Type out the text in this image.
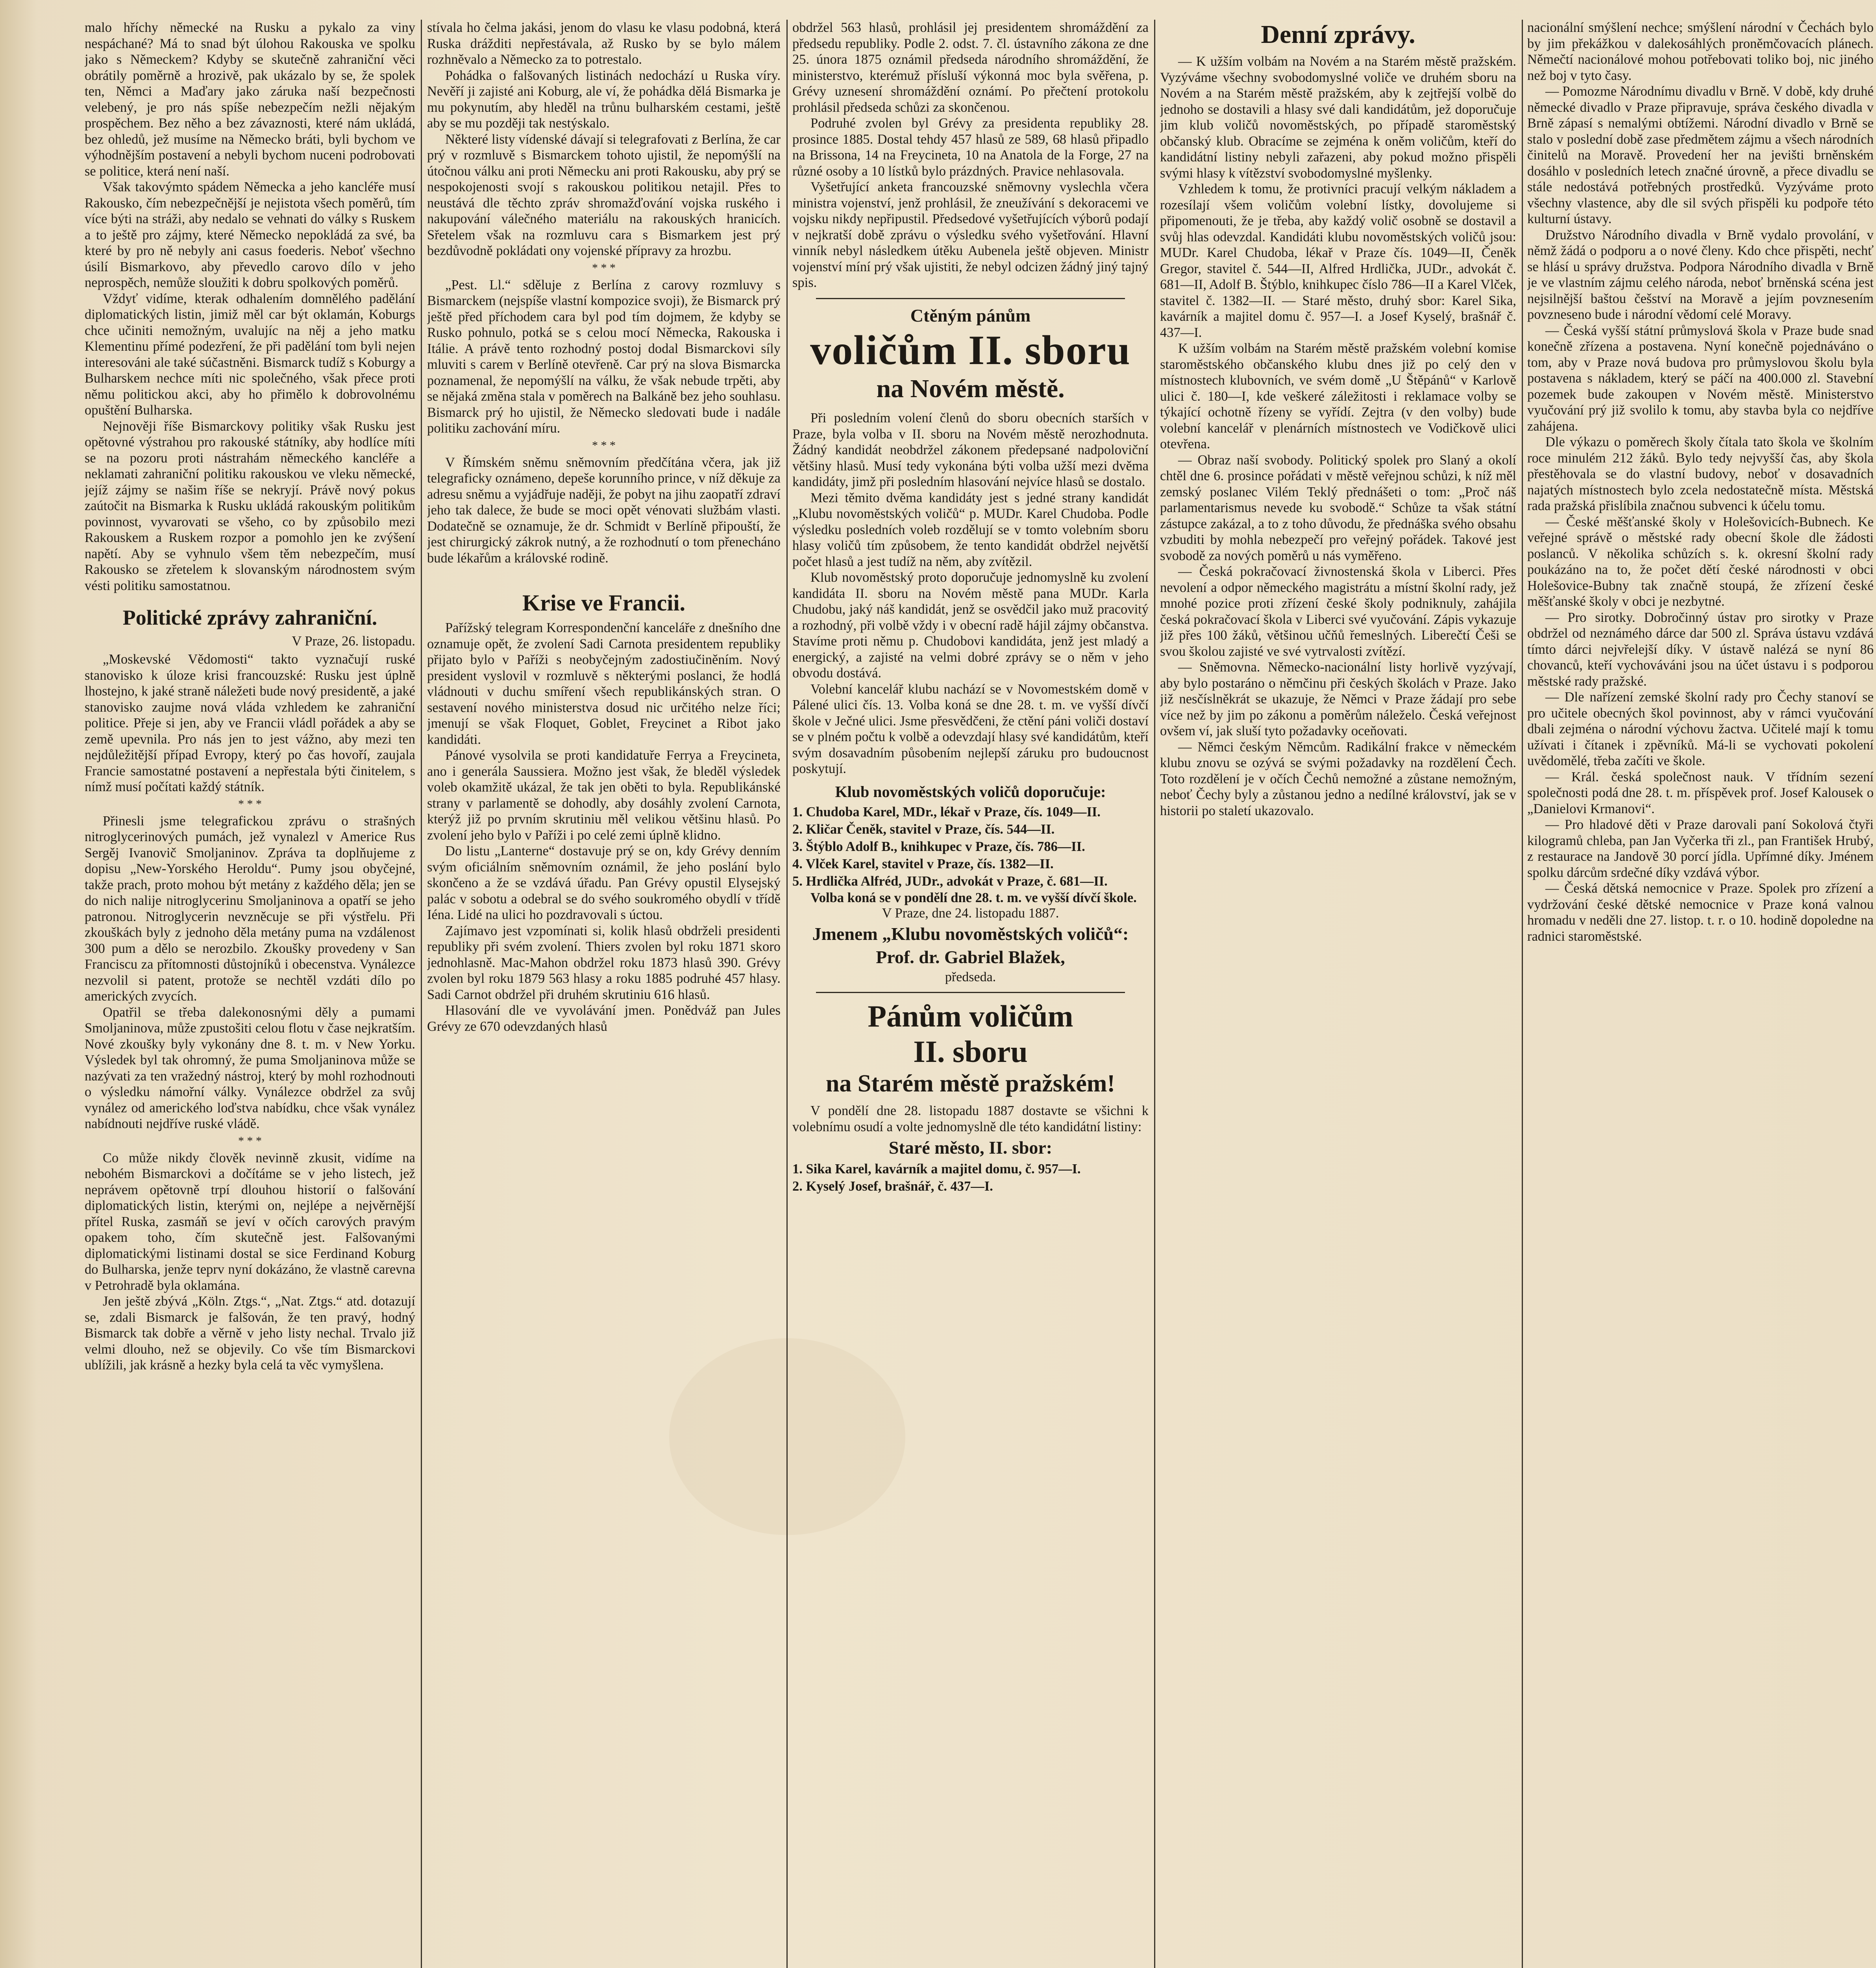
malo hříchy německé na Rusku a pykalo za viny nespáchané? Má to snad být úlohou Rakouska ve spolku jako s Německem? Kdyby se skutečně zahraniční věci obrátily poměrně a hrozivě, pak ukázalo by se, že spolek ten, Němci a Maďary jako záruka naší bezpečnosti velebený, je pro nás spíše nebezpečím nežli nějakým prospěchem. Bez něho a bez závaznosti, které nám ukládá, bez ohledů, jež musíme na Německo bráti, byli bychom ve výhodnějším postavení a nebyli bychom nuceni podrobovati se politice, která není naší.

Však takovýmto spádem Německa a jeho kancléře musí Rakousko, čím nebezpečnější je nejistota všech poměrů, tím více býti na stráži, aby nedalo se vehnati do války s Ruskem a to ještě pro zájmy, které Německo nepokládá za své, ba které by pro ně nebyly ani casus foederis. Neboť všechno úsilí Bismarkovo, aby převedlo carovo dílo v jeho neprospěch, nemůže sloužiti k dobru spolkových poměrů.

Vždyť vidíme, kterak odhalením domnělého padělání diplomatických listin, jimiž měl car být oklamán, Koburgs chce učiniti nemožným, uvalujíc na něj a jeho matku Klementinu přímé podezření, že při padělání tom byli nejen interesováni ale také súčastněni. Bismarck tudíž s Koburgy a Bulharskem nechce míti nic společného, však přece proti němu politickou akci, aby ho přimělo k dobrovolnému opuštění Bulharska.

Nejnověji říše Bismarckovy politiky však Rusku jest opětovné výstrahou pro rakouské státníky, aby hodlíce míti se na pozoru proti nástrahám německého kancléře a neklamati zahraniční politiku rakouskou ve vleku německé, jejíž zájmy se našim říše se nekryjí. Právě nový pokus zaútočit na Bismarka k Rusku ukládá rakouským politikům povinnost, vyvarovati se všeho, co by způsobilo mezi Rakouskem a Ruskem rozpor a pomohlo jen ke zvýšení napětí. Aby se vyhnulo všem těm nebezpečím, musí Rakousko se zřetelem k slovanským národnostem svým vésti politiku samostatnou.

Politické zprávy zahraniční.
V Praze, 26. listopadu.

„Moskevské Vědomosti“ takto vyznačují ruské stanovisko k úloze krisi francouzské: Rusku jest úplně lhostejno, k jaké straně náležeti bude nový presidentě, a jaké stanovisko zaujme nová vláda vzhledem ke zahraniční politice. Přeje si jen, aby ve Francii vládl pořádek a aby se země upevnila. Pro nás jen to jest vážno, aby mezi ten nejdůležitější případ Evropy, který po čas hovoří, zaujala Francie samostatné postavení a nepřestala býti činitelem, s nímž musí počítati každý státník.

* * *

Přinesli jsme telegrafickou zprávu o strašných nitroglycerinových pumách, jež vynalezl v Americe Rus Sergěj Ivanovič Smoljaninov. Zpráva ta doplňujeme z dopisu „New-Yorského Heroldu“. Pumy jsou obyčejné, takže prach, proto mohou být metány z každého děla; jen se do nich nalije nitroglycerinu Smoljaninova a opatří se jeho patronou. Nitroglycerin nevzněcuje se při výstřelu. Při zkouškách byly z jednoho děla metány puma na vzdálenost 300 pum a dělo se nerozbilo. Zkoušky provedeny v San Franciscu za přítomnosti důstojníků i obecenstva. Vynálezce nezvolil si patent, protože se nechtěl vzdáti dílo po amerických zvycích.

Opatřil se třeba dalekonosnými děly a pumami Smoljaninova, může zpustošiti celou flotu v čase nejkratším. Nové zkoušky byly vykonány dne 8. t. m. v New Yorku. Výsledek byl tak ohromný, že puma Smoljaninova může se nazývati za ten vražedný nástroj, který by mohl rozhodnouti o výsledku námořní války. Vynálezce obdržel za svůj vynález od amerického loďstva nabídku, chce však vynález nabídnouti nejdříve ruské vládě.

* * *

Co může nikdy člověk nevinně zkusit, vidíme na nebohém Bismarckovi a dočítáme se v jeho listech, jež neprávem opětovně trpí dlouhou historií o falšování diplomatických listin, kterými on, nejlépe a nejvěrnější přítel Ruska, zasmáň se jeví v očích carových pravým opakem toho, čím skutečně jest. Falšovanými diplomatickými listinami dostal se sice Ferdinand Koburg do Bulharska, jenže teprv nyní dokázáno, že vlastně carevna v Petrohradě byla oklamána.

Jen ještě zbývá „Köln. Ztgs.“, „Nat. Ztgs.“ atd. dotazují se, zdali Bismarck je falšován, že ten pravý, hodný Bismarck tak dobře a věrně v jeho listy nechal. Trvalo již velmi dlouho, než se objevily. Co vše tím Bismarckovi ublížili, jak krásně a hezky byla celá ta věc vymyšlena.

stívala ho čelma jakási, jenom do vlasu ke vlasu podobná, která Ruska drážditi nepřestávala, až Rusko by se bylo málem rozhněvalo a Německo za to potrestalo.

Pohádka o falšovaných listinách nedochází u Ruska víry. Nevěří ji zajisté ani Koburg, ale ví, že pohádka dělá Bismarka je mu pokynutím, aby hleděl na trůnu bulharském cestami, ještě aby se mu později tak nestýskalo.

Některé listy vídenské dávají si telegrafovati z Berlína, že car prý v rozmluvě s Bismarckem tohoto ujistil, že nepomýšlí na útočnou válku ani proti Německu ani proti Rakousku, aby prý se nespokojenosti svojí s rakouskou politikou netajil. Přes to neustává dle těchto zpráv shromažďování vojska ruského i nakupování válečného materiálu na rakouských hranicích. Sřetelem však na rozmluvu cara s Bismarkem jest prý bezdůvodně pokládati ony vojenské přípravy za hrozbu.

* * *

„Pest. Ll.“ sděluje z Berlína z carovy rozmluvy s Bismarckem (nejspíše vlastní kompozice svoji), že Bismarck prý ještě před příchodem cara byl pod tím dojmem, že kdyby se Rusko pohnulo, potká se s celou mocí Německa, Rakouska i Itálie. A právě tento rozhodný postoj dodal Bismarckovi síly mluviti s carem v Berlíně otevřeně. Car prý na slova Bismarcka poznamenal, že nepomýšlí na válku, že však nebude trpěti, aby se nějaká změna stala v poměrech na Balkáně bez jeho souhlasu. Bismarck prý ho ujistil, že Německo sledovati bude i nadále politiku zachování míru.

* * *

V Římském sněmu sněmovním předčítána včera, jak již telegraficky oznámeno, depeše korunního prince, v níž děkuje za adresu sněmu a vyjádřuje naději, že pobyt na jihu zaopatří zdraví jeho tak dalece, že bude se moci opět vénovati službám vlasti. Dodatečně se oznamuje, že dr. Schmidt v Berlíně připouští, že jest chirurgický zákrok nutný, a že rozhodnutí o tom přenecháno bude lékařům a královské rodině.

Krise ve Francii.

Pařížský telegram Korrespondenční kanceláře z dnešního dne oznamuje opět, že zvolení Sadi Carnota presidentem republiky přijato bylo v Paříži s neobyčejným zadostiučiněním. Nový president vyslovil v rozmluvě s některými poslanci, že hodlá vládnouti v duchu smíření všech republikánských stran. O sestavení nového ministerstva dosud nic určitého nelze říci; jmenují se však Floquet, Goblet, Freycinet a Ribot jako kandidáti.

Pánové vysolvila se proti kandidatuře Ferrya a Freycineta, ano i generála Saussiera. Možno jest však, že bleděl výsledek voleb okamžitě ukázal, že tak jen oběti to byla. Republikánské strany v parlamentě se dohodly, aby dosáhly zvolení Carnota, kterýž již po prvním skrutiniu měl velikou většinu hlasů. Po zvolení jeho bylo v Paříži i po celé zemi úplně klidno.

Do listu „Lanterne“ dostavuje prý se on, kdy Grévy denním svým oficiálním sněmovním oznámil, že jeho poslání bylo skončeno a že se vzdává úřadu. Pan Grévy opustil Elysejský palác v sobotu a odebral se do svého soukromého obydlí v třídě Iéna. Lidé na ulici ho pozdravovali s úctou.

Zajímavo jest vzpomínati si, kolik hlasů obdrželi presidenti republiky při svém zvolení. Thiers zvolen byl roku 1871 skoro jednohlasně. Mac-Mahon obdržel roku 1873 hlasů 390. Grévy zvolen byl roku 1879 563 hlasy a roku 1885 podruhé 457 hlasy. Sadi Carnot obdržel při druhém skrutiniu 616 hlasů.

Hlasování dle ve vyvolávání jmen. Ponědváž pan Jules Grévy ze 670 odevzdaných hlasů

obdržel 563 hlasů, prohlásil jej presidentem shromáždění za předsedu republiky. Podle 2. odst. 7. čl. ústavního zákona ze dne 25. února 1875 oznámil předseda národního shromáždění, že ministerstvo, kterémuž přísluší výkonná moc byla svěřena, p. Grévy uznesení shromáždění oznámí. Po přečtení protokolu prohlásil předseda schůzi za skončenou.

Podruhé zvolen byl Grévy za presidenta republiky 28. prosince 1885. Dostal tehdy 457 hlasů ze 589, 68 hlasů připadlo na Brissona, 14 na Freycineta, 10 na Anatola de la Forge, 27 na různé osoby a 10 lístků bylo prázdných. Pravice nehlasovala.

Vyšetřující anketa francouzské sněmovny vyslechla včera ministra vojenství, jenž prohlásil, že zneužívání s dekoracemi ve vojsku nikdy nepřipustil. Předsedové vyšetřujících výborů podají v nejkratší době zprávu o výsledku svého vyšetřování. Hlavní vinník nebyl následkem útěku Aubenela ještě objeven. Ministr vojenství míní prý však ujistiti, že nebyl odcizen žádný jiný tajný spis.

Ctěným pánům
voličům II. sboru
na Novém městě.

Při posledním volení členů do sboru obecních starších v Praze, byla volba v II. sboru na Novém městě nerozhodnuta. Žádný kandidát neobdržel zákonem předepsané nadpoloviční většiny hlasů. Musí tedy vykonána býti volba užší mezi dvěma kandidáty, jimž při posledním hlasování nejvíce hlasů se dostalo.

Mezi těmito dvěma kandidáty jest s jedné strany kandidát „Klubu novoměstských voličů“ p. MUDr. Karel Chudoba. Podle výsledku posledních voleb rozdělují se v tomto volebním sboru hlasy voličů tím způsobem, že tento kandidát obdržel největší počet hlasů a jest tudíž na něm, aby zvítězil.

Klub novoměstský proto doporučuje jednomyslně ku zvolení kandidáta II. sboru na Novém městě pana MUDr. Karla Chudobu, jaký náš kandidát, jenž se osvědčil jako muž pracovitý a rozhodný, při volbě vždy i v obecní radě hájil zájmy občanstva. Stavíme proti němu p. Chudobovi kandidáta, jenž jest mladý a energický, a zajisté na velmi dobré zprávy se o něm v jeho obvodu dostává.

Volební kancelář klubu nachází se v Novomestském domě v Pálené ulici čís. 13. Volba koná se dne 28. t. m. ve vyšší dívčí škole v Ječné ulici. Jsme přesvědčeni, že ctění páni voliči dostaví se v plném počtu k volbě a odevzdají hlasy své kandidátům, kteří svým dosavadním působením nejlepší záruku pro budoucnost poskytují.

Klub novoměstských voličů doporučuje:

1. Chudoba Karel, MDr., lékař v Praze, čís. 1049—II.

2. Kličar Čeněk, stavitel v Praze, čís. 544—II.

3. Štýblo Adolf B., knihkupec v Praze, čís. 786—II.

4. Vlček Karel, stavitel v Praze, čís. 1382—II.

5. Hrdlička Alfréd, JUDr., advokát v Praze, č. 681—II.

Volba koná se v pondělí dne 28. t. m. ve vyšší dívčí škole.

V Praze, dne 24. listopadu 1887.
Jmenem „Klubu novoměstských voličů“:
Prof. dr. Gabriel Blažek,
předseda.
Pánům voličům
II. sboru
na Starém městě pražském!

V pondělí dne 28. listopadu 1887 dostavte se všichni k volebnímu osudí a volte jednomyslně dle této kandidátní listiny:

Staré město, II. sbor:

1. Sika Karel, kavárník a majitel domu, č. 957—I.

2. Kyselý Josef, brašnář, č. 437—I.

Denní zprávy.

— K užším volbám na Novém a na Starém městě pražském. Vyzýváme všechny svobodomyslné voliče ve druhém sboru na Novém a na Starém městě pražském, aby k zejtřejší volbě do jednoho se dostavili a hlasy své dali kandidátům, jež doporučuje jim klub voličů novoměstských, po případě staroměstský občanský klub. Obracíme se zejména k oněm voličům, kteří do kandidátní listiny nebyli zařazeni, aby pokud možno přispěli svými hlasy k vítězství svobodomyslné myšlenky.

Vzhledem k tomu, že protivníci pracují velkým nákladem a rozesílají všem voličům volební lístky, dovolujeme si připomenouti, že je třeba, aby každý volič osobně se dostavil a svůj hlas odevzdal. Kandidáti klubu novoměstských voličů jsou: MUDr. Karel Chudoba, lékař v Praze čís. 1049—II, Čeněk Gregor, stavitel č. 544—II, Alfred Hrdlička, JUDr., advokát č. 681—II, Adolf B. Štýblo, knihkupec číslo 786—II a Karel Vlček, stavitel č. 1382—II. — Staré město, druhý sbor: Karel Sika, kavárník a majitel domu č. 957—I. a Josef Kyselý, brašnář č. 437—I.

K užším volbám na Starém městě pražském volební komise staroměstského občanského klubu dnes již po celý den v místnostech klubovních, ve svém domě „U Štěpánů“ v Karlově ulici č. 180—I, kde veškeré záležitosti i reklamace volby se týkající ochotně řízeny se vyřídí. Zejtra (v den volby) bude volební kancelář v plenárních místnostech ve Vodičkově ulici otevřena.

— Obraz naší svobody. Politický spolek pro Slaný a okolí chtěl dne 6. prosince pořádati v městě veřejnou schůzi, k níž měl zemský poslanec Vilém Teklý přednášeti o tom: „Proč náš parlamentarismus nevede ku svobodě.“ Schůze ta však státní zástupce zakázal, a to z toho důvodu, že přednáška svého obsahu vzbuditi by mohla nebezpečí pro veřejný pořádek. Takové jest svobodě za nových poměrů u nás vyměřeno.

— Česká pokračovací živnostenská škola v Liberci. Přes nevolení a odpor německého magistrátu a místní školní rady, jež mnohé pozice proti zřízení české školy podniknuly, zahájila česká pokračovací škola v Liberci své vyučování. Zápis vykazuje již přes 100 žáků, většinou učňů řemeslných. Liberečtí Češi se svou školou zajisté ve své vytrvalosti zvítězí.

— Sněmovna. Německo-nacionální listy horlivě vyzývají, aby bylo postaráno o němčinu při českých školách v Praze. Jako již nesčíslněkrát se ukazuje, že Němci v Praze žádají pro sebe více než by jim po zákonu a poměrům náleželo. Česká veřejnost ovšem ví, jak sluší tyto požadavky oceňovati.

— Němci českým Němcům. Radikální frakce v německém klubu znovu se ozývá se svými požadavky na rozdělení Čech. Toto rozdělení je v očích Čechů nemožné a zůstane nemožným, neboť Čechy byly a zůstanou jedno a nedílné království, jak se v historii po staletí ukazovalo.

nacionální smýšlení nechce; smýšlení národní v Čechách bylo by jim překážkou v dalekosáhlých proněmčovacích plánech. Němečtí nacionálové mohou potřebovati toliko boj, nic jiného než boj v tyto časy.

— Pomozme Národnímu divadlu v Brně. V době, kdy druhé německé divadlo v Praze připravuje, správa českého divadla v Brně zápasí s nemalými obtížemi. Národní divadlo v Brně se stalo v poslední době zase předmětem zájmu a všech národních činitelů na Moravě. Provedení her na jevišti brněnském dosáhlo v posledních letech značné úrovně, a přece divadlu se stále nedostává potřebných prostředků. Vyzýváme proto všechny vlastence, aby dle sil svých přispěli ku podpoře této kulturní ústavy.

Družstvo Národního divadla v Brně vydalo provolání, v němž žádá o podporu a o nové členy. Kdo chce přispěti, nechť se hlásí u správy družstva. Podpora Národního divadla v Brně je ve vlastním zájmu celého národa, neboť brněnská scéna jest nejsilnější baštou češství na Moravě a jejím povznesením povzneseno bude i národní vědomí celé Moravy.

— Česká vyšší státní průmyslová škola v Praze bude snad konečně zřízena a postavena. Nyní konečně pojednáváno o tom, aby v Praze nová budova pro průmyslovou školu byla postavena s nákladem, který se páčí na 400.000 zl. Stavební pozemek bude zakoupen v Novém městě. Ministerstvo vyučování prý již svolilo k tomu, aby stavba byla co nejdříve zahájena.

Dle výkazu o poměrech školy čítala tato škola ve školním roce minulém 212 žáků. Bylo tedy nejvyšší čas, aby škola přestěhovala se do vlastní budovy, neboť v dosavadních najatých místnostech bylo zcela nedostatečně místa. Městská rada pražská přislíbila značnou subvenci k účelu tomu.

— České měšťanské školy v Holešovicích-Bubnech. Ke veřejné správě o městské rady obecní škole dle žádosti poslanců. V několika schůzích s. k. okresní školní rady poukázáno na to, že počet dětí české národnosti v obci Holešovice-Bubny tak značně stoupá, že zřízení české měšťanské školy v obci je nezbytné.

— Pro sirotky. Dobročinný ústav pro sirotky v Praze obdržel od neznámého dárce dar 500 zl. Správa ústavu vzdává tímto dárci nejvřelejší díky. V ústavě nalézá se nyní 86 chovanců, kteří vychováváni jsou na účet ústavu i s podporou městské rady pražské.

— Dle nařízení zemské školní rady pro Čechy stanoví se pro učitele obecných škol povinnost, aby v rámci vyučování dbali zejména o národní výchovu žactva. Učitelé mají k tomu užívati i čítanek i zpěvníků. Má-li se vychovati pokolení uvědomělé, třeba začíti ve škole.

— Král. česká společnost nauk. V třídním sezení společnosti podá dne 28. t. m. příspěvek prof. Josef Kalousek o „Danielovi Krmanovi“.

— Pro hladové děti v Praze darovali paní Sokolová čtyři kilogramů chleba, pan Jan Vyčerka tři zl., pan František Hrubý, z restaurace na Jandově 30 porcí jídla. Upřímné díky. Jménem spolku dárcům srdečné díky vzdává výbor.

— Česká dětská nemocnice v Praze. Spolek pro zřízení a vydržování české dětské nemocnice v Praze koná valnou hromadu v neděli dne 27. listop. t. r. o 10. hodině dopoledne na radnici staroměstské.
